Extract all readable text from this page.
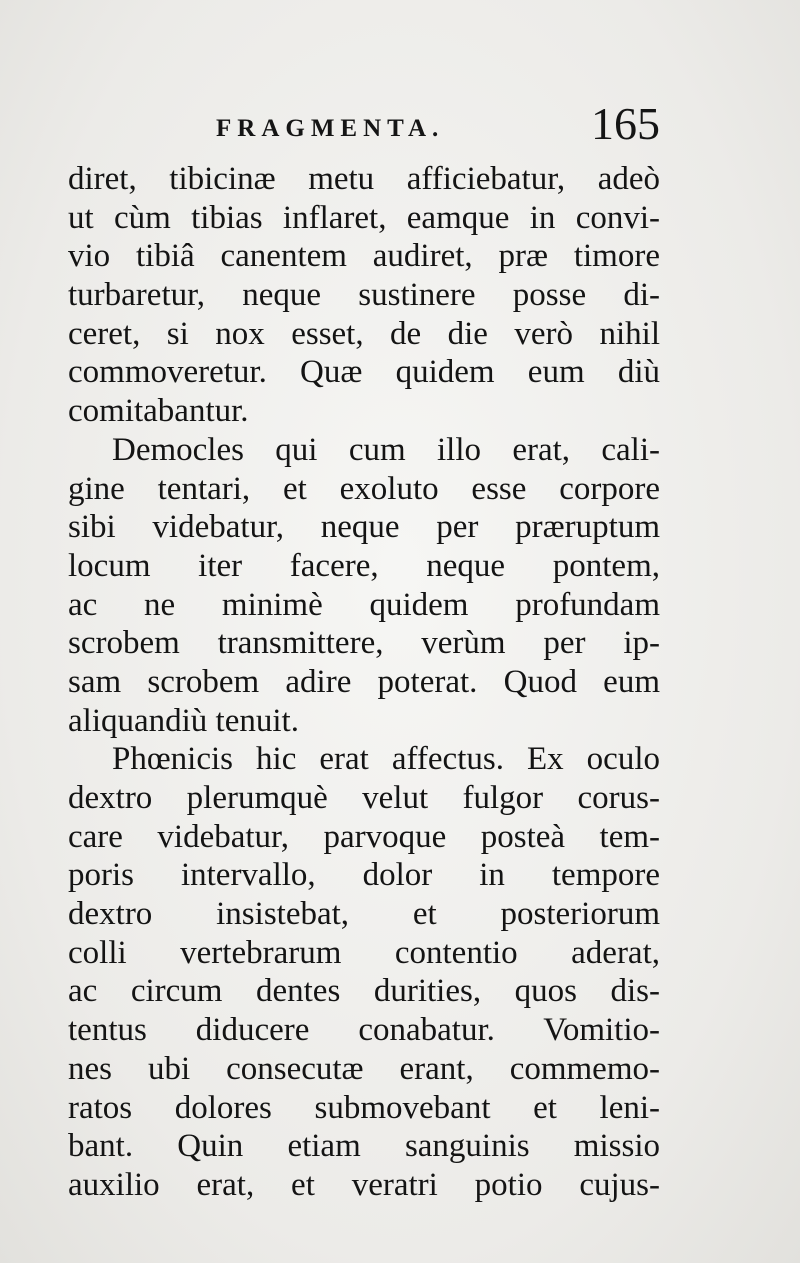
FRAGMENTA.	165
diret, tibicinæ metu afficiebatur, adeò
ut cùm tibias inflaret, eamque in convi-
vio tibiâ canentem audiret, præ timore
turbaretur, neque sustinere posse di-
ceret, si nox esset, de die verò nihil
commoveretur. Quæ quidem eum diù
comitabantur.
Democles qui cum illo erat, cali-
gine tentari, et exoluto esse corpore
sibi videbatur, neque per præruptum
locum iter facere, neque pontem,
ac ne minimè quidem profundam
scrobem transmittere, verùm per ip-
sam scrobem adire poterat. Quod eum
aliquandiù tenuit.
Phœnicis hic erat affectus. Ex oculo
dextro plerumquè velut fulgor corus-
care videbatur, parvoque posteà tem-
poris intervallo, dolor in tempore
dextro insistebat, et posteriorum
colli vertebrarum contentio aderat,
ac circum dentes durities, quos dis-
tentus diducere conabatur. Vomitio-
nes ubi consecutæ erant, commemo-
ratos dolores submovebant et leni-
bant. Quin etiam sanguinis missio
auxilio erat, et veratri potio cujus-
